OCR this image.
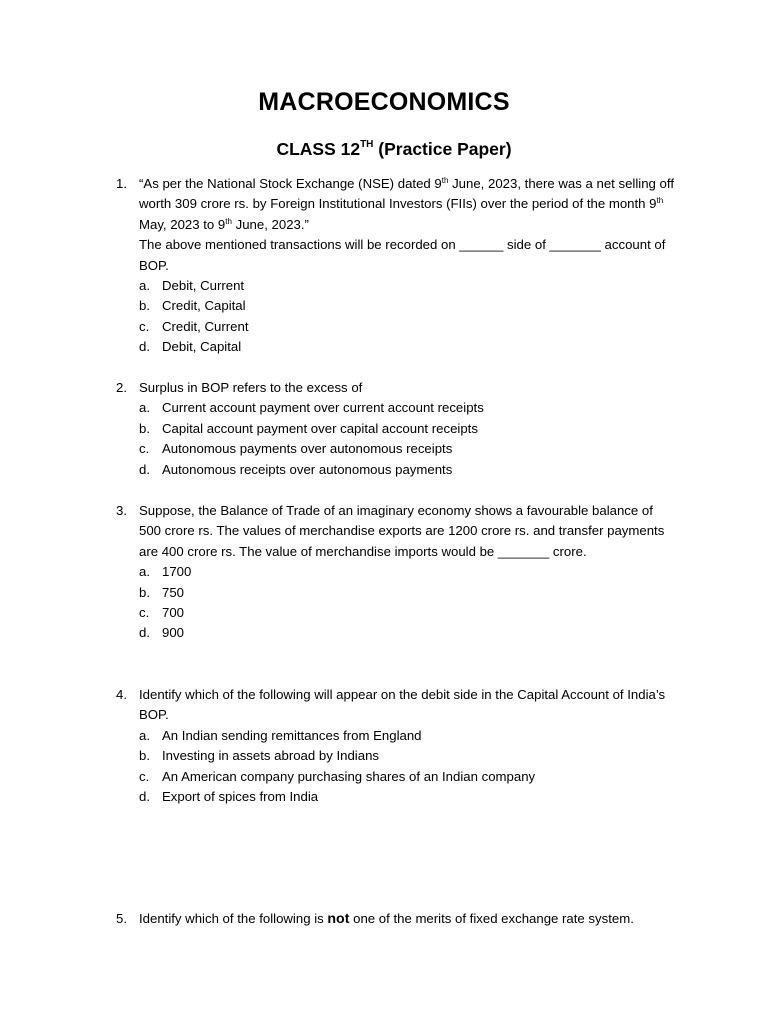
MACROECONOMICS
CLASS 12TH (Practice Paper)
1. “As per the National Stock Exchange (NSE) dated 9th June, 2023, there was a net selling off worth 309 crore rs. by Foreign Institutional Investors (FIIs) over the period of the month 9th May, 2023 to 9th June, 2023.”
The above mentioned transactions will be recorded on ______ side of _______ account of BOP.
a. Debit, Current
b. Credit, Capital
c. Credit, Current
d. Debit, Capital
2. Surplus in BOP refers to the excess of
a. Current account payment over current account receipts
b. Capital account payment over capital account receipts
c. Autonomous payments over autonomous receipts
d. Autonomous receipts over autonomous payments
3. Suppose, the Balance of Trade of an imaginary economy shows a favourable balance of 500 crore rs. The values of merchandise exports are 1200 crore rs. and transfer payments are 400 crore rs. The value of merchandise imports would be _______ crore.
a. 1700
b. 750
c. 700
d. 900
4. Identify which of the following will appear on the debit side in the Capital Account of India’s BOP.
a. An Indian sending remittances from England
b. Investing in assets abroad by Indians
c. An American company purchasing shares of an Indian company
d. Export of spices from India
5. Identify which of the following is not one of the merits of fixed exchange rate system.
